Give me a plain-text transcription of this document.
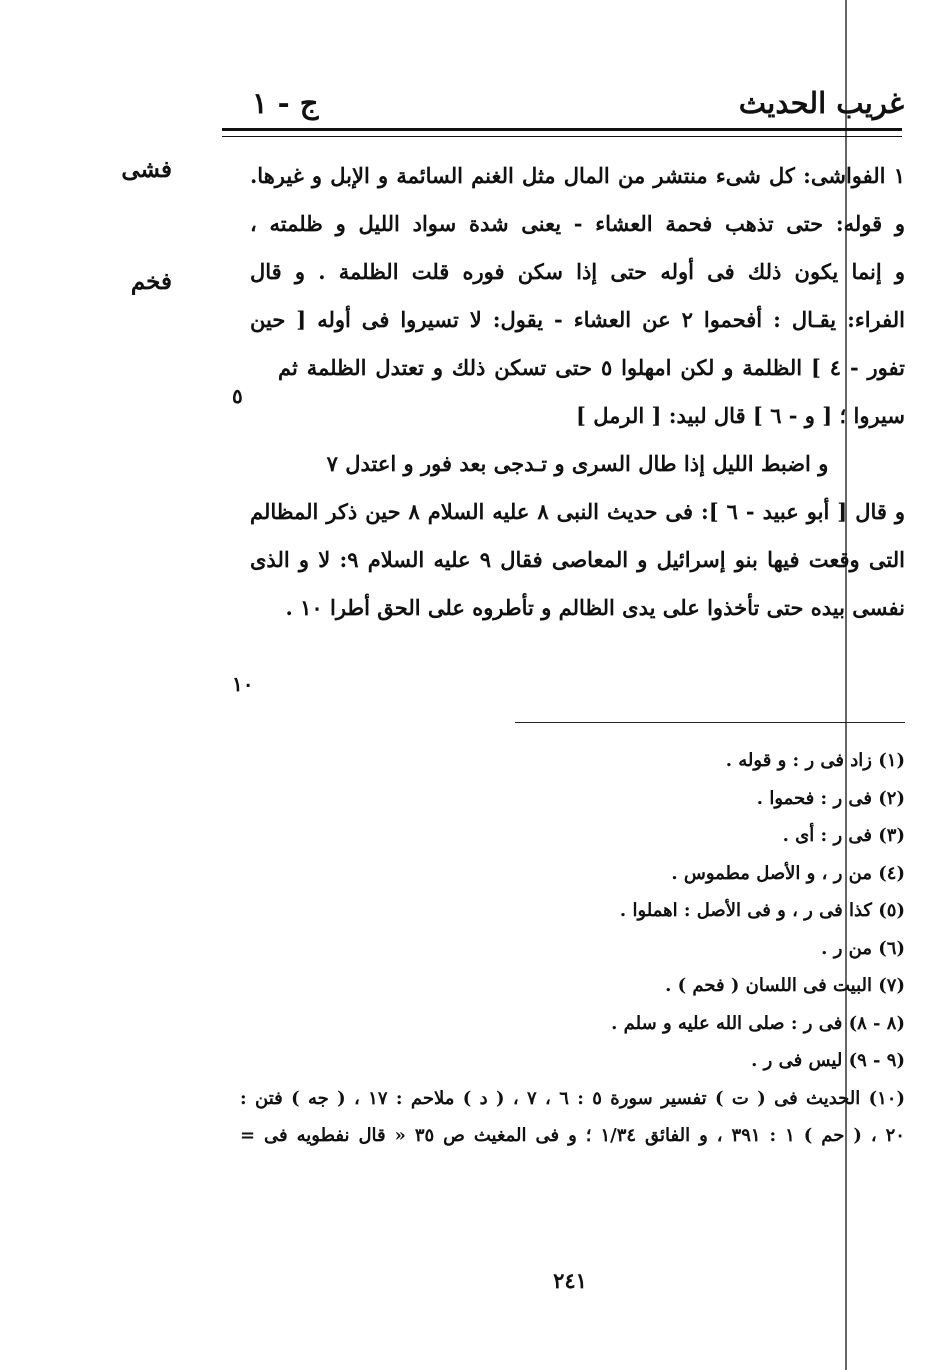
غريب الحديث
ج - ١
فشى
فخم
٥
١٠
١ الفواشى: كل شىء منتشر من المال مثل الغنم السائمة و الإبل و غيرها.
و قوله: حتى تذهب فحمة العشاء - يعنى شدة سواد الليل و ظلمته ،
و إنما يكون ذلك فى أوله حتى إذا سكن فوره قلت الظلمة . و قال
الفراء: يقـال : أفحموا ٢ عن العشاء - يقول: لا تسيروا فى أوله [ حين
تفور - ٤ ] الظلمة و لكن امهلوا ٥ حتى تسكن ذلك و تعتدل الظلمة ثم
سيروا ؛ [ و - ٦ ] قال لبيد: [ الرمل ]
و اضبط الليل إذا طال السرى و تـدجى بعد فور و اعتدل ٧
و قال [ أبو عبيد - ٦ ]: فى حديث النبى ٨ عليه السلام ٨ حين ذكر المظالم
التى وقعت فيها بنو إسرائيل و المعاصى فقال ٩ عليه السلام ٩: لا و الذى
نفسى بيده حتى تأخذوا على يدى الظالم و تأطروه على الحق أطرا ١٠ .
(١) زاد فى ر : و قوله .
(٢) فى ر : فحموا .
(٣) فى ر : أى .
(٤) من ر ، و الأصل مطموس .
(٥) كذا فى ر ، و فى الأصل : اهملوا .
(٦) من ر .
(٧) البيت فى اللسان ( فحم ) .
(٨ - ٨) فى ر : صلى الله عليه و سلم .
(٩ - ٩) ليس فى ر .
(١٠) الحديث فى ( ت ) تفسير سورة ٥ : ٦ ، ٧ ، ( د ) ملاحم : ١٧ ، ( جه ) فتن :
٢٠ ، ( حم ) ١ : ٣٩١ ، و الفائق ١/٣٤ ؛ و فى المغيث ص ٣٥ « قال نفطويه فى =
٢٤١
